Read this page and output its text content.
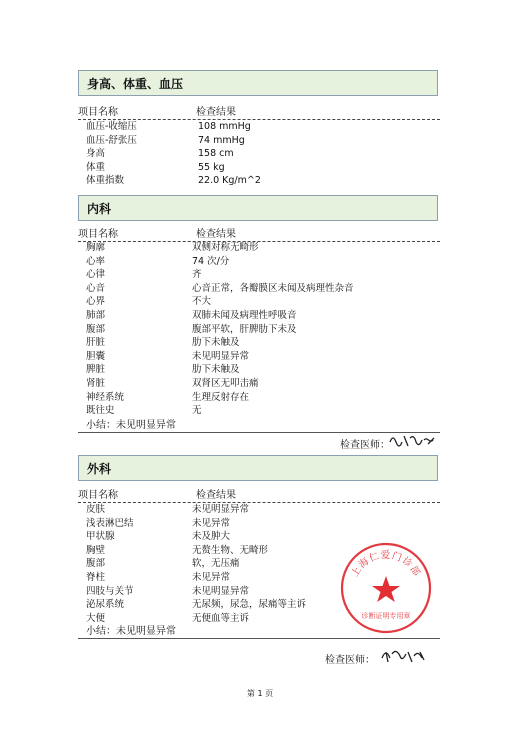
身高、体重、血压
项目名称	检查结果
血压-收缩压	108 mmHg
血压-舒张压	74 mmHg
身高	158 cm
体重	55 kg
体重指数	22.0 Kg/m^2
内科
项目名称	检查结果
胸廓	双侧对称无畸形
心率	74 次/分
心律	齐
心音	心音正常，各瓣膜区未闻及病理性杂音
心界	不大
肺部	双肺未闻及病理性呼吸音
腹部	腹部平软，肝脾肋下未及
肝脏	肋下未触及
胆囊	未见明显异常
脾脏	肋下未触及
肾脏	双肾区无叩击痛
神经系统	生理反射存在
既往史	无
小结：未见明显异常
检查医师：
外科
项目名称	检查结果
皮肤	未见明显异常
浅表淋巴结	未见异常
甲状腺	未及肿大
胸壁	无赘生物、无畸形
腹部	软，无压痛
脊柱	未见异常
四肢与关节	未见明显异常
泌尿系统	无尿频，尿急，尿痛等主诉
大便	无便血等主诉
小结：未见明显异常
检查医师：
上海仁爱门诊部
诊断证明专用章
第 1 页
